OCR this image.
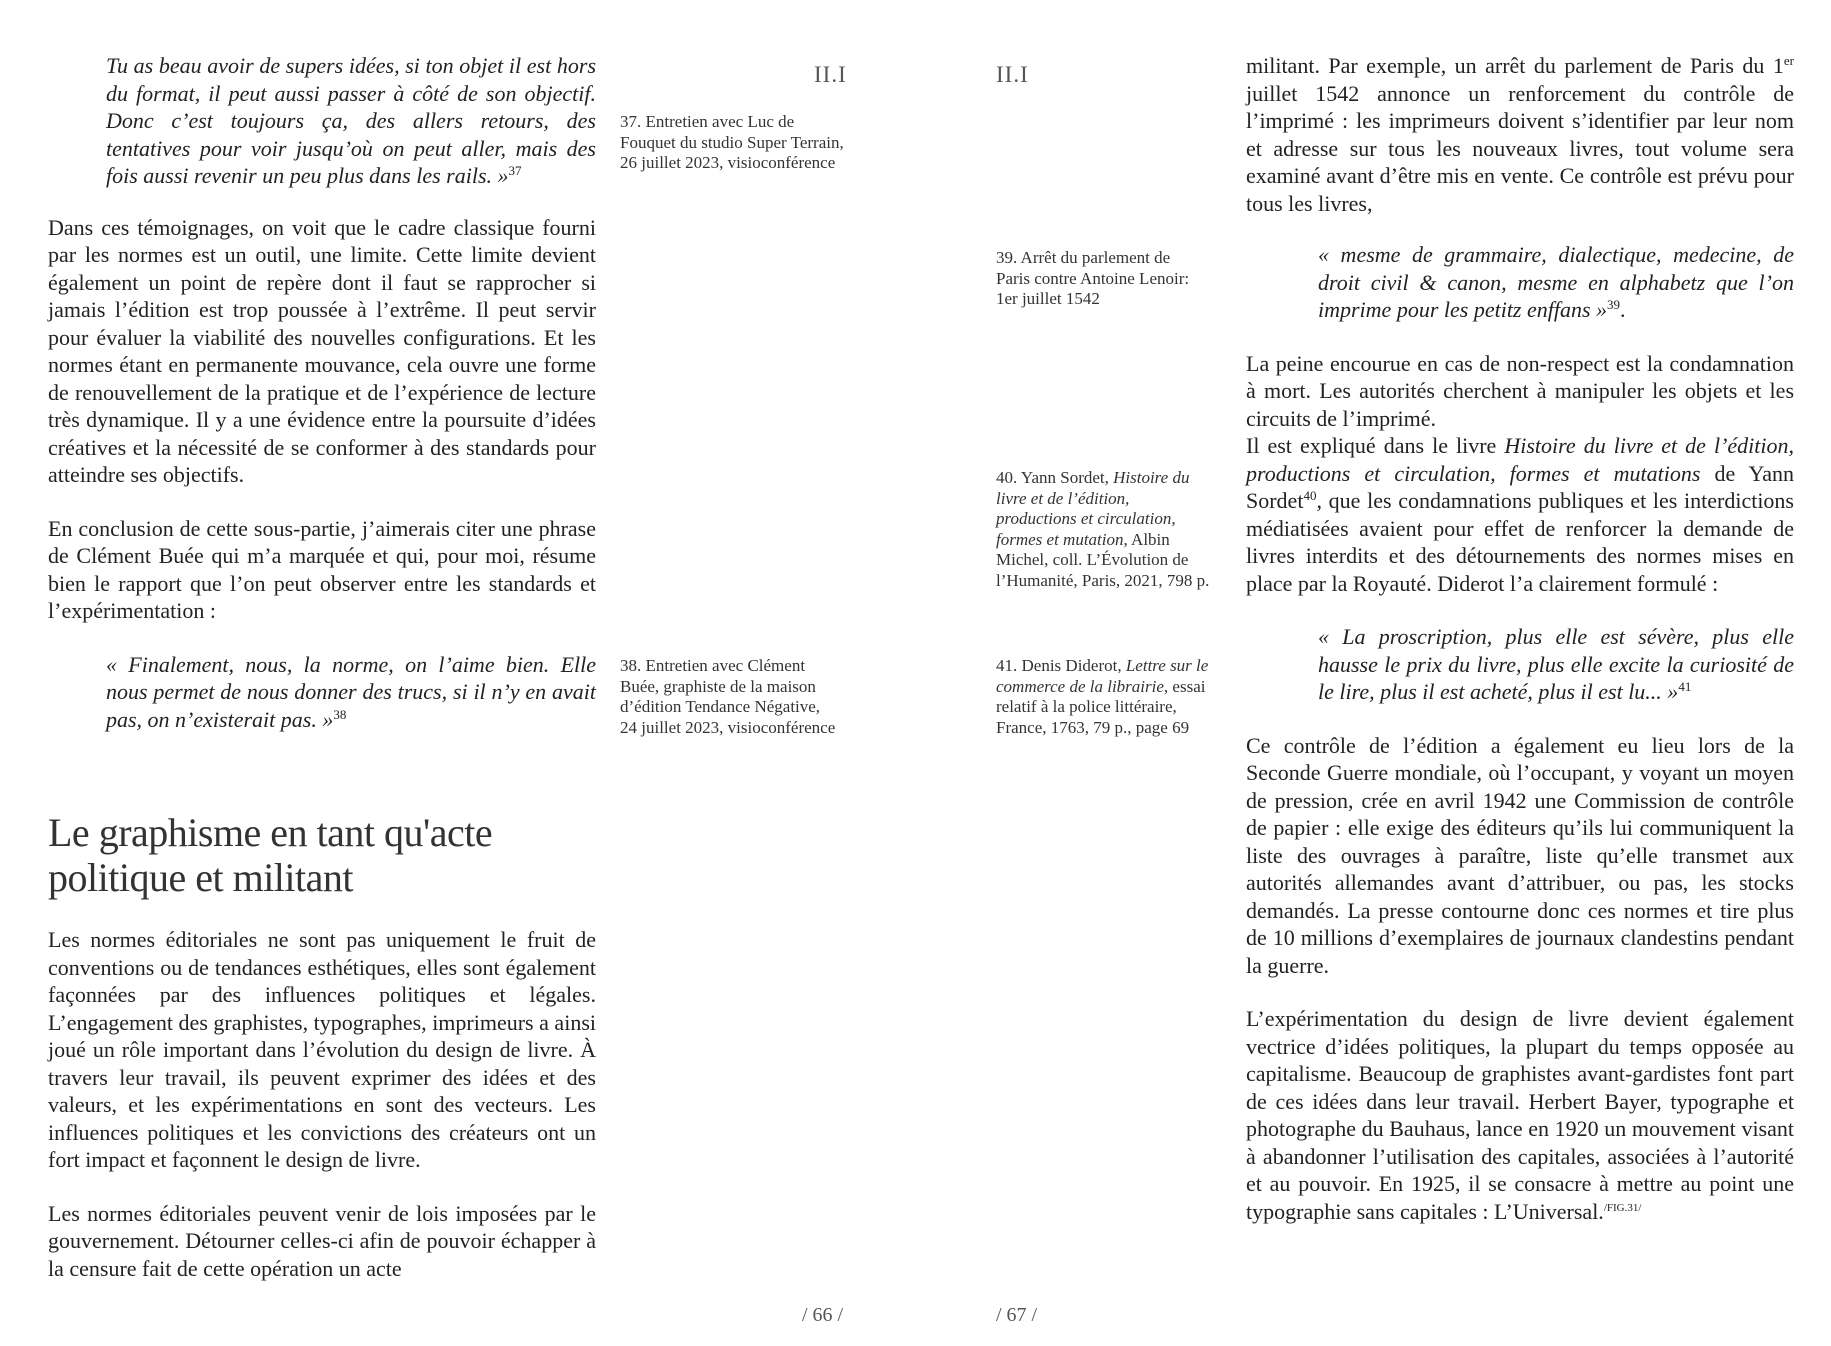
Tu as beau avoir de supers idées, si ton objet il est hors du format, il peut aussi passer à côté de son objectif. Donc c’est toujours ça, des allers retours, des tentatives pour voir jusqu’où on peut aller, mais des fois aussi revenir un peu plus dans les rails. »$^{37}$

Dans ces témoignages, on voit que le cadre classique fourni par les normes est un outil, une limite. Cette limite devient également un point de repère dont il faut se rapprocher si jamais l’édition est trop poussée à l’extrême. Il peut servir pour évaluer la viabilité des nouvelles configurations. Et les normes étant en permanente mouvance, cela ouvre une forme de renouvellement de la pratique et de l’expérience de lecture très dynamique. Il y a une évidence entre la poursuite d’idées créatives et la nécessité de se conformer à des standards pour atteindre ses objectifs.

En conclusion de cette sous-partie, j’aimerais citer une phrase de Clément Buée qui m’a marquée et qui, pour moi, résume bien le rapport que l’on peut observer entre les standards et l’expérimentation :

« Finalement, nous, la norme, on l’aime bien. Elle nous permet de nous donner des trucs, si il n’y en avait pas, on n’existerait pas. »$^{38}$

Le graphisme en tant qu'acte
politique et militant

Les normes éditoriales ne sont pas uniquement le fruit de conventions ou de tendances esthétiques, elles sont également façonnées par des influences politiques et légales. L’engagement des graphistes, typographes, imprimeurs a ainsi joué un rôle important dans l’évolution du design de livre. À travers leur travail, ils peuvent exprimer des idées et des valeurs, et les expérimentations en sont des vecteurs. Les influences politiques et les convictions des créateurs ont un fort impact et façonnent le design de livre.

Les normes éditoriales peuvent venir de lois imposées par le gouvernement. Détourner celles-ci afin de pouvoir échapper à la censure fait de cette opération un acte

II.I
37. Entretien avec Luc de Fouquet du studio Super Terrain, 26 juillet 2023, visioconférence
38. Entretien avec Clément Buée, graphiste de la maison d’édition Tendance Négative, 24 juillet 2023, visioconférence
/ 66 /
II.I
39. Arrêt du parlement de Paris contre Antoine Lenoir: 1er juillet 1542
40. Yann Sordet, Histoire du livre et de l’édition, productions et circulation, formes et mutation, Albin Michel, coll. L’Évolution de l’Humanité, Paris, 2021, 798 p.
41. Denis Diderot, Lettre sur le commerce de la librairie, essai relatif à la police littéraire, France, 1763, 79 p., page 69

militant. Par exemple, un arrêt du parlement de Paris du 1er juillet 1542 annonce un renforcement du contrôle de l’imprimé : les imprimeurs doivent s’identifier par leur nom et adresse sur tous les nouveaux livres, tout volume sera examiné avant d’être mis en vente. Ce contrôle est prévu pour tous les livres,

« mesme de grammaire, dialectique, medecine, de droit civil & canon, mesme en alphabetz que l’on imprime pour les petitz enffans »$^{39}$.

La peine encourue en cas de non-respect est la condamnation à mort. Les autorités cherchent à manipuler les objets et les circuits de l’imprimé.

Il est expliqué dans le livre Histoire du livre et de l’édition, productions et circulation, formes et mutations de Yann Sordet$^{40}$, que les condamnations publiques et les interdictions médiatisées avaient pour effet de renforcer la demande de livres interdits et des détournements des normes mises en place par la Royauté. Diderot l’a clairement formulé :

« La proscription, plus elle est sévère, plus elle hausse le prix du livre, plus elle excite la curiosité de le lire, plus il est acheté, plus il est lu... »$^{41}$

Ce contrôle de l’édition a également eu lieu lors de la Seconde Guerre mondiale, où l’occupant, y voyant un moyen de pression, crée en avril 1942 une Commission de contrôle de papier : elle exige des éditeurs qu’ils lui communiquent la liste des ouvrages à paraître, liste qu’elle transmet aux autorités allemandes avant d’attribuer, ou pas, les stocks demandés. La presse contourne donc ces normes et tire plus de 10 millions d’exemplaires de journaux clandestins pendant la guerre.

L’expérimentation du design de livre devient également vectrice d’idées politiques, la plupart du temps opposée au capitalisme. Beaucoup de graphistes avant-gardistes font part de ces idées dans leur travail. Herbert Bayer, typographe et photographe du Bauhaus, lance en 1920 un mouvement visant à abandonner l’utilisation des capitales, associées à l’autorité et au pouvoir. En 1925, il se consacre à mettre au point une typographie sans capitales : L’Universal.$^{/FIG.31/}$

/ 67 /
